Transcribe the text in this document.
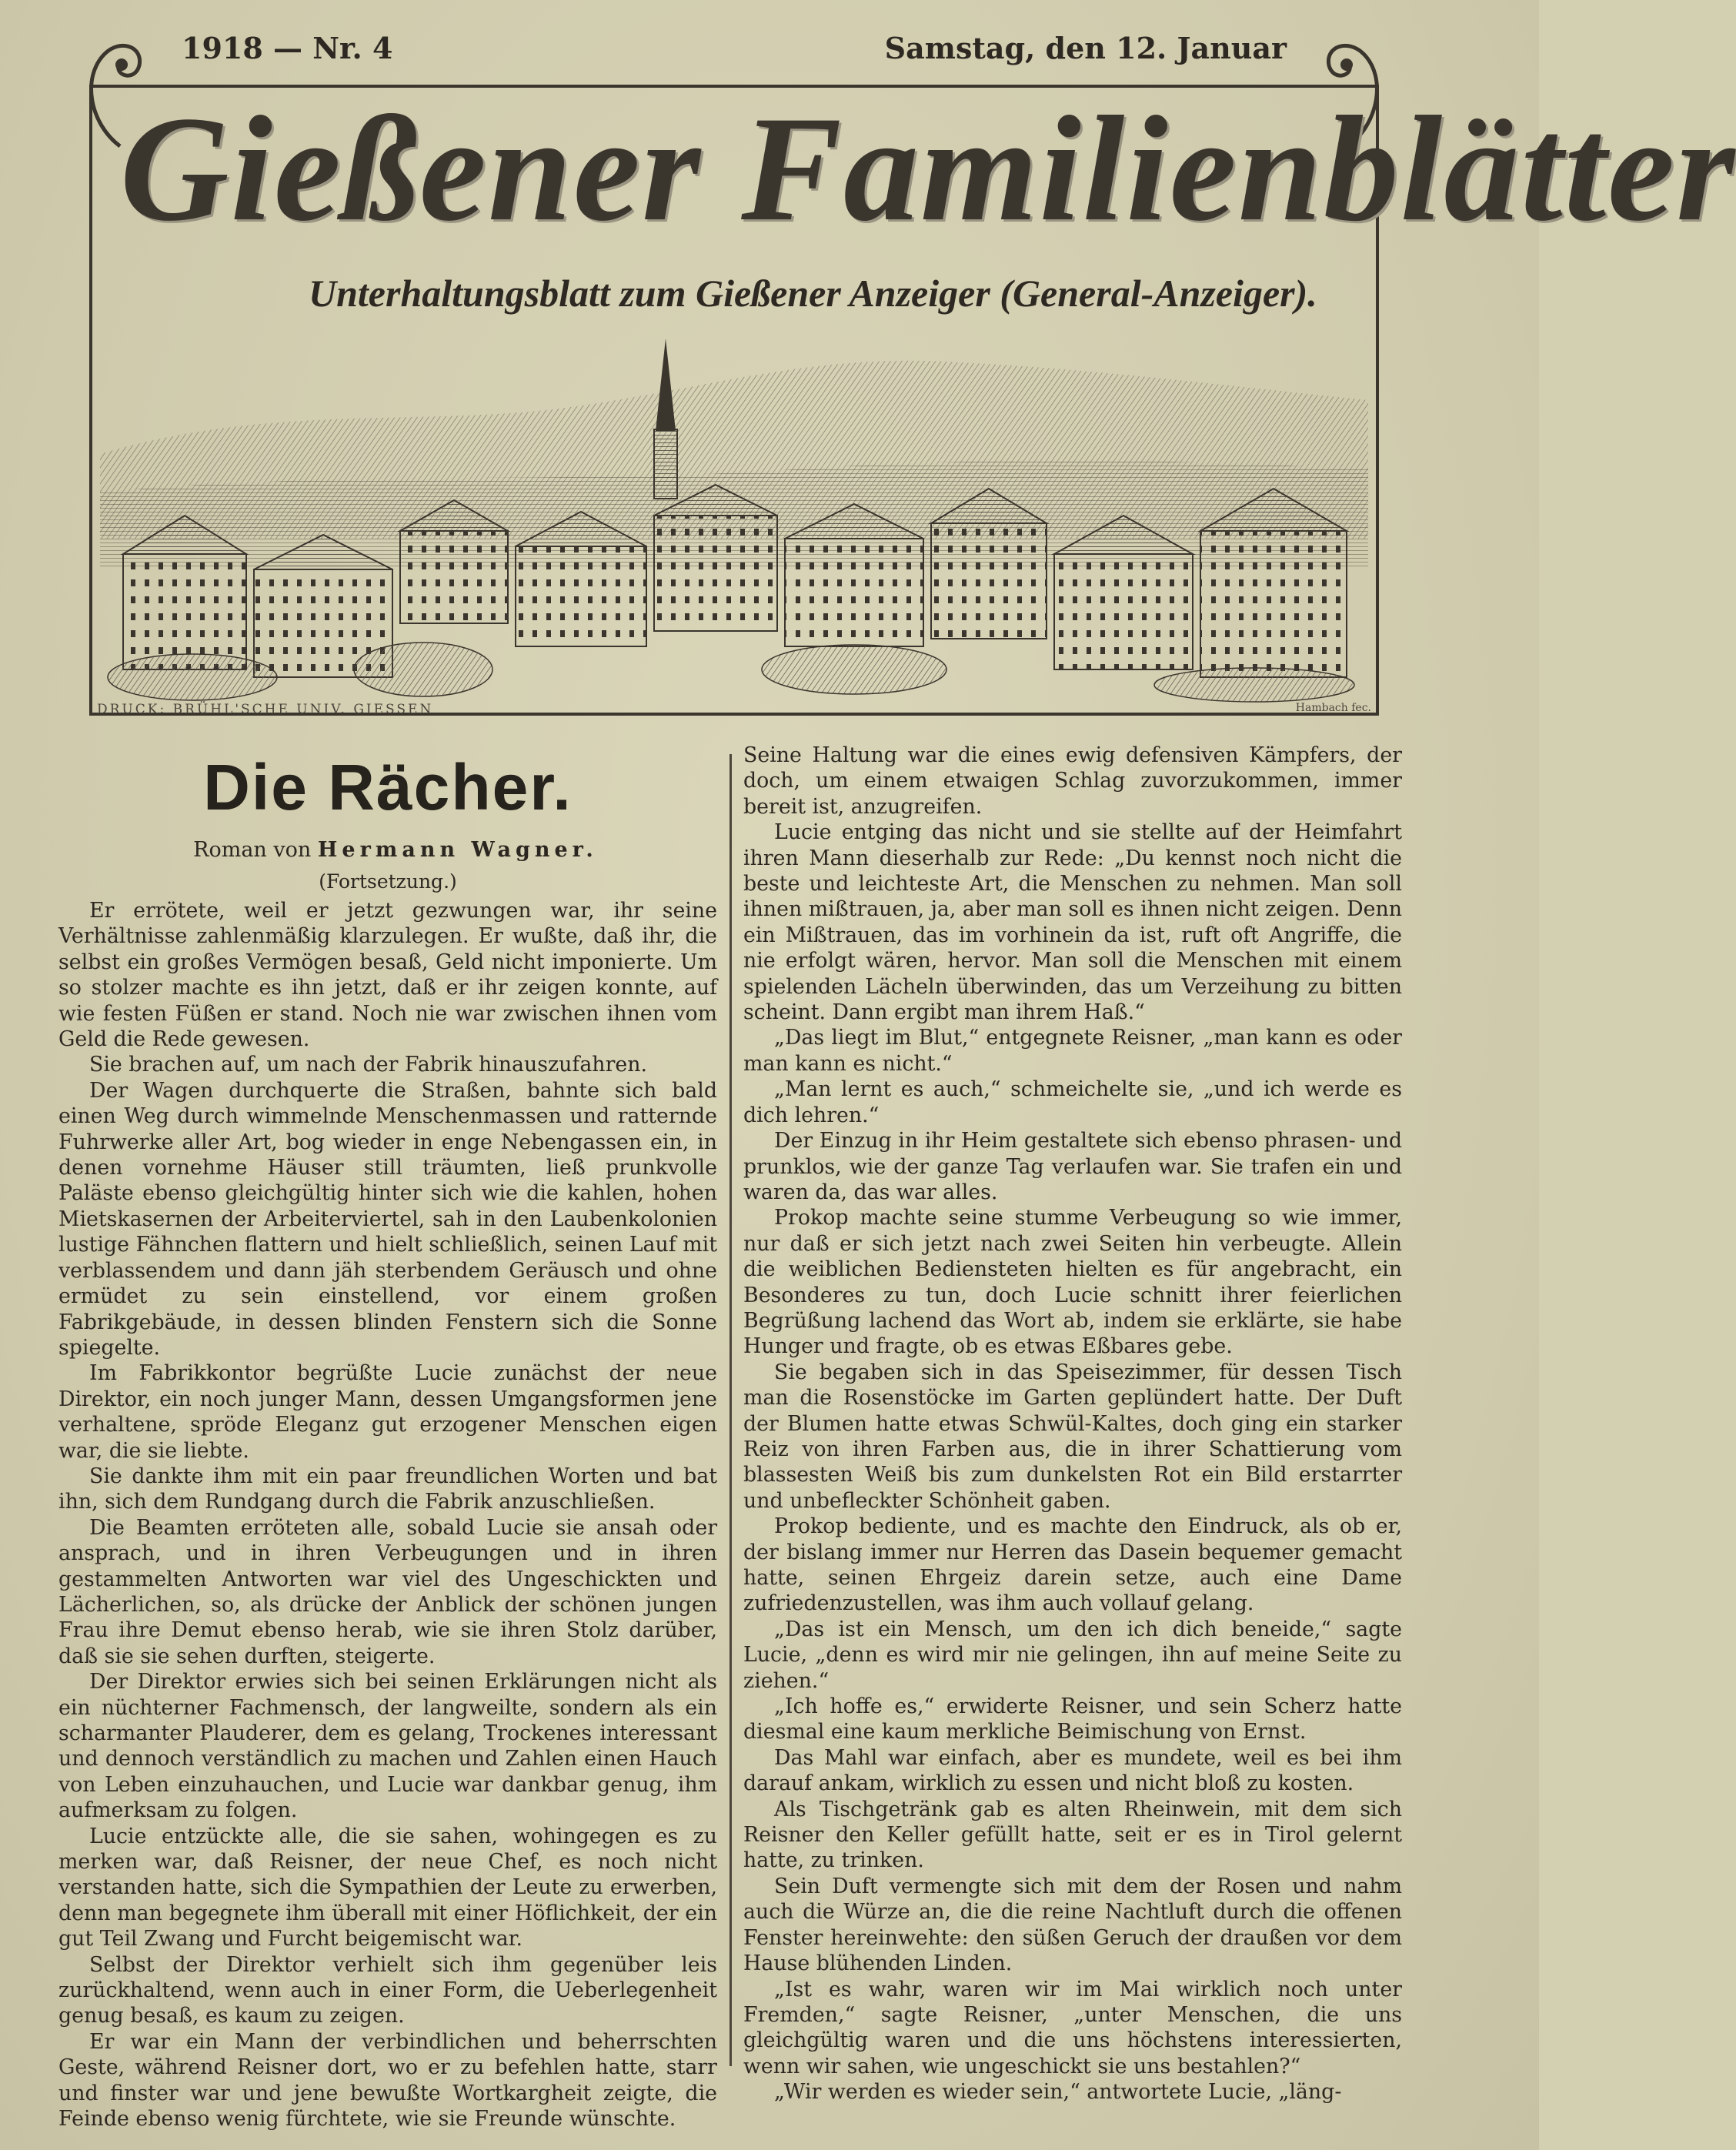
1918 — Nr. 4	Samstag, den 12. Januar
Gießener Familienblätter
Unterhaltungsblatt zum Gießener Anzeiger (General-Anzeiger).
DRUCK: BRÜHL'SCHE UNIV. GIESSEN	Hambach fec.
Die Rächer.
Roman von Hermann Wagner.
(Fortsetzung.)

Er errötete, weil er jetzt gezwungen war, ihr seine Verhältnisse zahlenmäßig klarzulegen. Er wußte, daß ihr, die selbst ein großes Vermögen besaß, Geld nicht imponierte. Um so stolzer machte es ihn jetzt, daß er ihr zeigen konnte, auf wie festen Füßen er stand. Noch nie war zwischen ihnen vom Geld die Rede gewesen.

Sie brachen auf, um nach der Fabrik hinauszufahren.

Der Wagen durchquerte die Straßen, bahnte sich bald einen Weg durch wimmelnde Menschenmassen und ratternde Fuhrwerke aller Art, bog wieder in enge Nebengassen ein, in denen vornehme Häuser still träumten, ließ prunkvolle Paläste ebenso gleichgültig hinter sich wie die kahlen, hohen Mietskasernen der Arbeiterviertel, sah in den Laubenkolonien lustige Fähnchen flattern und hielt schließlich, seinen Lauf mit verblassendem und dann jäh sterbendem Geräusch und ohne ermüdet zu sein einstellend, vor einem großen Fabrikgebäude, in dessen blinden Fenstern sich die Sonne spiegelte.

Im Fabrikkontor begrüßte Lucie zunächst der neue Direktor, ein noch junger Mann, dessen Umgangsformen jene verhaltene, spröde Eleganz gut erzogener Menschen eigen war, die sie liebte.

Sie dankte ihm mit ein paar freundlichen Worten und bat ihn, sich dem Rundgang durch die Fabrik anzuschließen.

Die Beamten erröteten alle, sobald Lucie sie ansah oder ansprach, und in ihren Verbeugungen und in ihren gestammelten Antworten war viel des Ungeschickten und Lächerlichen, so, als drücke der Anblick der schönen jungen Frau ihre Demut ebenso herab, wie sie ihren Stolz darüber, daß sie sie sehen durften, steigerte.

Der Direktor erwies sich bei seinen Erklärungen nicht als ein nüchterner Fachmensch, der langweilte, sondern als ein scharmanter Plauderer, dem es gelang, Trockenes interessant und dennoch verständlich zu machen und Zahlen einen Hauch von Leben einzuhauchen, und Lucie war dankbar genug, ihm aufmerksam zu folgen.

Lucie entzückte alle, die sie sahen, wohingegen es zu merken war, daß Reisner, der neue Chef, es noch nicht verstanden hatte, sich die Sympathien der Leute zu erwerben, denn man begegnete ihm überall mit einer Höflichkeit, der ein gut Teil Zwang und Furcht beigemischt war.

Selbst der Direktor verhielt sich ihm gegenüber leis zurückhaltend, wenn auch in einer Form, die Ueberlegenheit genug besaß, es kaum zu zeigen.

Er war ein Mann der verbindlichen und beherrschten Geste, während Reisner dort, wo er zu befehlen hatte, starr und finster war und jene bewußte Wortkargheit zeigte, die Feinde ebenso wenig fürchtete, wie sie Freunde wünschte.

Seine Haltung war die eines ewig defensiven Kämpfers, der doch, um einem etwaigen Schlag zuvorzukommen, immer bereit ist, anzugreifen.

Lucie entging das nicht und sie stellte auf der Heimfahrt ihren Mann dieserhalb zur Rede: „Du kennst noch nicht die beste und leichteste Art, die Menschen zu nehmen. Man soll ihnen mißtrauen, ja, aber man soll es ihnen nicht zeigen. Denn ein Mißtrauen, das im vorhinein da ist, ruft oft Angriffe, die nie erfolgt wären, hervor. Man soll die Menschen mit einem spielenden Lächeln überwinden, das um Verzeihung zu bitten scheint. Dann ergibt man ihrem Haß.“

„Das liegt im Blut,“ entgegnete Reisner, „man kann es oder man kann es nicht.“

„Man lernt es auch,“ schmeichelte sie, „und ich werde es dich lehren.“

Der Einzug in ihr Heim gestaltete sich ebenso phrasen- und prunklos, wie der ganze Tag verlaufen war. Sie trafen ein und waren da, das war alles.

Prokop machte seine stumme Verbeugung so wie immer, nur daß er sich jetzt nach zwei Seiten hin verbeugte. Allein die weiblichen Bediensteten hielten es für angebracht, ein Besonderes zu tun, doch Lucie schnitt ihrer feierlichen Begrüßung lachend das Wort ab, indem sie erklärte, sie habe Hunger und fragte, ob es etwas Eßbares gebe.

Sie begaben sich in das Speisezimmer, für dessen Tisch man die Rosenstöcke im Garten geplündert hatte. Der Duft der Blumen hatte etwas Schwül-Kaltes, doch ging ein starker Reiz von ihren Farben aus, die in ihrer Schattierung vom blassesten Weiß bis zum dunkelsten Rot ein Bild erstarrter und unbefleckter Schönheit gaben.

Prokop bediente, und es machte den Eindruck, als ob er, der bislang immer nur Herren das Dasein bequemer gemacht hatte, seinen Ehrgeiz darein setze, auch eine Dame zufriedenzustellen, was ihm auch vollauf gelang.

„Das ist ein Mensch, um den ich dich beneide,“ sagte Lucie, „denn es wird mir nie gelingen, ihn auf meine Seite zu ziehen.“

„Ich hoffe es,“ erwiderte Reisner, und sein Scherz hatte diesmal eine kaum merkliche Beimischung von Ernst.

Das Mahl war einfach, aber es mundete, weil es bei ihm darauf ankam, wirklich zu essen und nicht bloß zu kosten.

Als Tischgetränk gab es alten Rheinwein, mit dem sich Reisner den Keller gefüllt hatte, seit er es in Tirol gelernt hatte, zu trinken.

Sein Duft vermengte sich mit dem der Rosen und nahm auch die Würze an, die die reine Nachtluft durch die offenen Fenster hereinwehte: den süßen Geruch der draußen vor dem Hause blühenden Linden.

„Ist es wahr, waren wir im Mai wirklich noch unter Fremden,“ sagte Reisner, „unter Menschen, die uns gleichgültig waren und die uns höchstens interessierten, wenn wir sahen, wie ungeschickt sie uns bestahlen?“

„Wir werden es wieder sein,“ antwortete Lucie, „läng-
